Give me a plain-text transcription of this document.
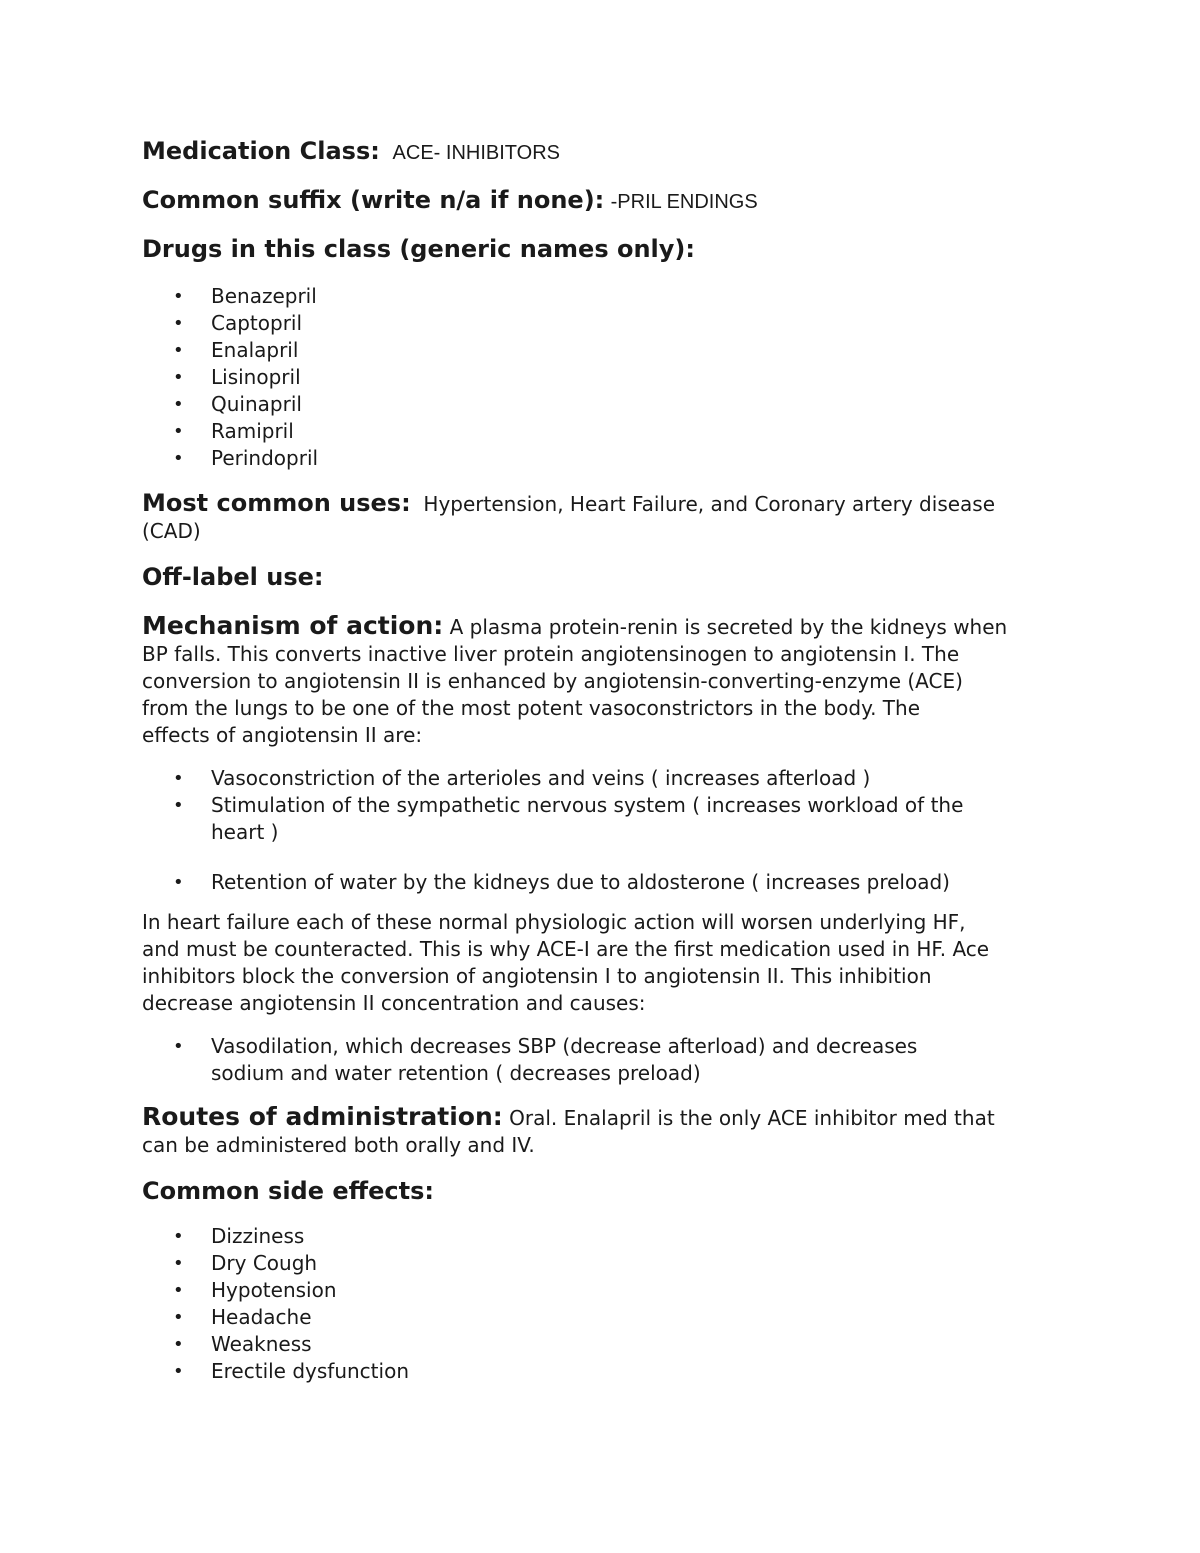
Medication Class: ACE- INHIBITORS

Common suffix (write n/a if none): -PRIL ENDINGS

Drugs in this class (generic names only):

• Benazepril
• Captopril
• Enalapril
• Lisinopril
• Quinapril
• Ramipril
• Perindopril

Most common uses: Hypertension, Heart Failure, and Coronary artery disease

(CAD)

Off-label use:

Mechanism of action: A plasma protein-renin is secreted by the kidneys when

BP falls. This converts inactive liver protein angiotensinogen to angiotensin I. The

conversion to angiotensin II is enhanced by angiotensin-converting-enzyme (ACE)

from the lungs to be one of the most potent vasoconstrictors in the body. The

effects of angiotensin II are:

• Vasoconstriction of the arterioles and veins ( increases afterload )
• Stimulation of the sympathetic nervous system ( increases workload of the
heart )
• Retention of water by the kidneys due to aldosterone ( increases preload)

In heart failure each of these normal physiologic action will worsen underlying HF,

and must be counteracted. This is why ACE-I are the first medication used in HF. Ace

inhibitors block the conversion of angiotensin I to angiotensin II. This inhibition

decrease angiotensin II concentration and causes:

• Vasodilation, which decreases SBP (decrease afterload) and decreases
sodium and water retention ( decreases preload)

Routes of administration: Oral. Enalapril is the only ACE inhibitor med that

can be administered both orally and IV.

Common side effects:

• Dizziness
• Dry Cough
• Hypotension
• Headache
• Weakness
• Erectile dysfunction
